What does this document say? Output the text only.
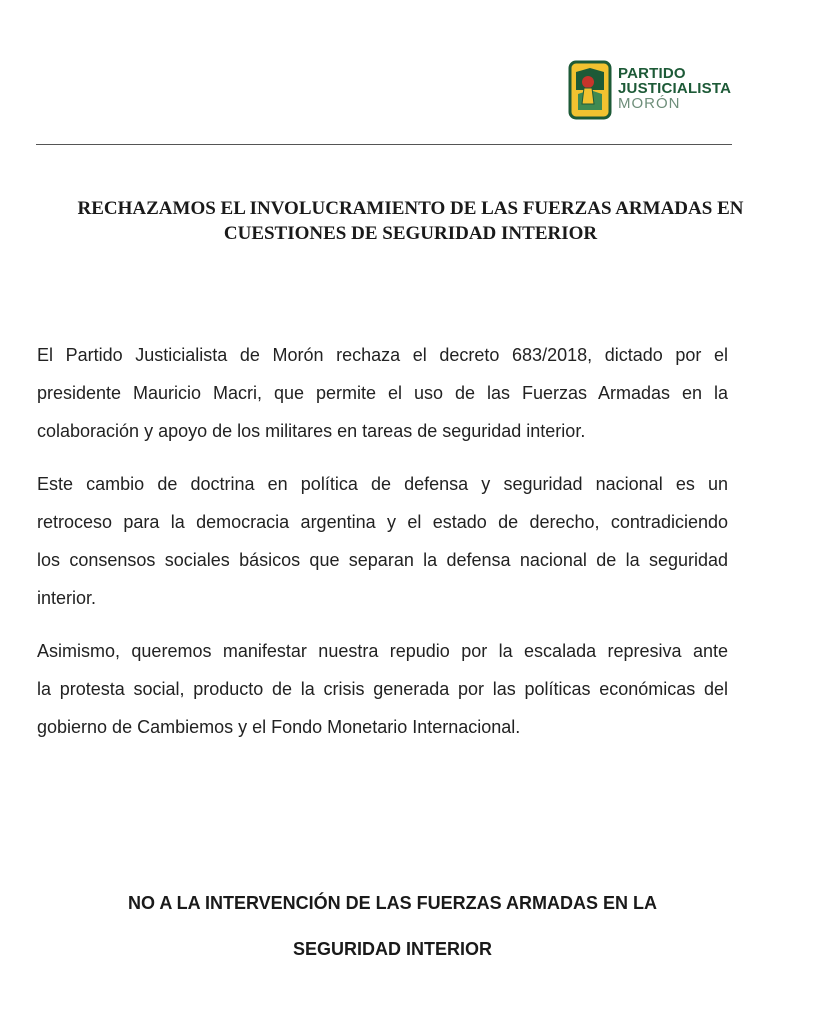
PARTIDO
JUSTICIALISTA
MORÓN
RECHAZAMOS EL INVOLUCRAMIENTO DE LAS FUERZAS ARMADAS EN
CUESTIONES DE SEGURIDAD INTERIOR

El Partido Justicialista de Morón rechaza el decreto 683/2018, dictado por el
presidente Mauricio Macri, que permite el uso de las Fuerzas Armadas en la
colaboración y apoyo de los militares en tareas de seguridad interior.

Este cambio de doctrina en política de defensa y seguridad nacional es un
retroceso para la democracia argentina y el estado de derecho, contradiciendo
los consensos sociales básicos que separan la defensa nacional de la seguridad
interior.

Asimismo, queremos manifestar nuestra repudio por la escalada represiva ante
la protesta social, producto de la crisis generada por las políticas económicas del
gobierno de Cambiemos y el Fondo Monetario Internacional.

NO A LA INTERVENCIÓN DE LAS FUERZAS ARMADAS EN LA
SEGURIDAD INTERIOR
